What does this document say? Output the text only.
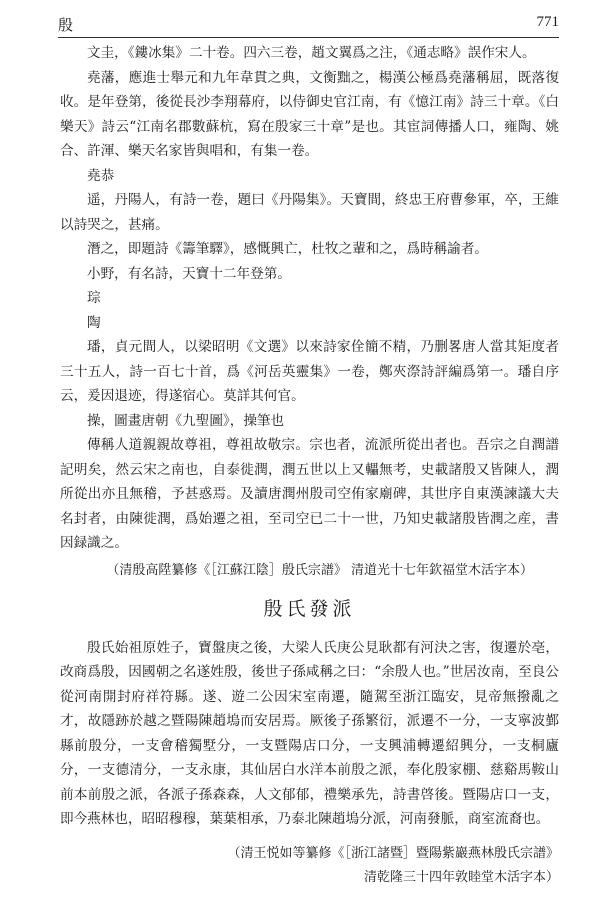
殷	771

文圭，《鏤冰集》二十卷。四六三卷，趙文翼爲之注，《通志略》誤作宋人。

堯藩，應進士舉元和九年韋貫之典，文衡黜之，楊漢公極爲堯藩稱屈，既落復收。是年登第，後從長沙李翔幕府，以侍御史官江南，有《憶江南》詩三十章。《白樂天》詩云“江南名郡數蘇杭，寫在殷家三十章”是也。其宦詞傳播人口，雍陶、姚合、許渾、樂天名家皆與唱和，有集一卷。

堯恭

遥，丹陽人，有詩一卷，題曰《丹陽集》。天寶間，終忠王府曹參軍，卒，王維以詩哭之，甚痛。

潛之，即題詩《籌筆驛》，感慨興亡，杜牧之輩和之，爲時稱諭者。

小野，有名詩，天寶十二年登第。

琮

陶

璠，貞元間人，以梁昭明《文選》以來詩家佺簡不精，乃删畧唐人當其矩度者三十五人，詩一百七十首，爲《河岳英靈集》一卷，鄭夾漈詩評編爲第一。璠自序云，爰因退迹，得遂宿心。莫詳其何官。

操，圖畫唐朝《九聖圖》，操筆也

傳稱人道親親故尊祖，尊祖故敬宗。宗也者，流派所從出者也。吾宗之自潤譜記明矣，然云宋之南也，自泰徙潤，潤五世以上又轠無考，史載諸殷又皆陳人，潤所從出亦且無稽，予甚惑焉。及讀唐潤州殷司空侑家廟碑，其世序自東漢諫議大夫名封者，由陳徙潤，爲始遷之祖，至司空已二十一世，乃知史載諸殷皆潤之産，書因録識之。

（清殷高陞纂修《［江蘇江陰］殷氏宗譜》 清道光十七年欽福堂木活字本）

殷氏發派

殷氏始祖原姓子，寶盤庚之後，大梁人氏庚公見耿都有河決之害，復遷於亳，改商爲殷，因國朝之名遂姓殷，後世子孫咸稱之曰：“余殷人也。”世居汝南，至良公從河南開封府祥符縣。遂、遊二公因宋室南遷，隨駕至浙江臨安，見帝無撥亂之才，故隱跡於越之暨陽陳趙塢而安居焉。厥後子孫繁衍，派遷不一分，一支寧波鄞縣前殷分，一支會稽獨墅分，一支暨陽店口分，一支興浦轉遷紹興分，一支桐廬分，一支德清分，一支永康，其仙居白水洋本前殷之派，奉化殷家棚、慈谿馬鞍山前本前殷之派，各派子孫森森，人文郁郁，禮樂承先，詩書啓後。暨陽店口一支，即今燕林也，昭昭穆穆，葉葉相承，乃泰北陳趙塢分派，河南發脈，商室流裔也。

（清王悦如等纂修《［浙江諸暨］暨陽紫巖燕林殷氏宗譜》

清乾隆三十四年敦睦堂木活字本）
